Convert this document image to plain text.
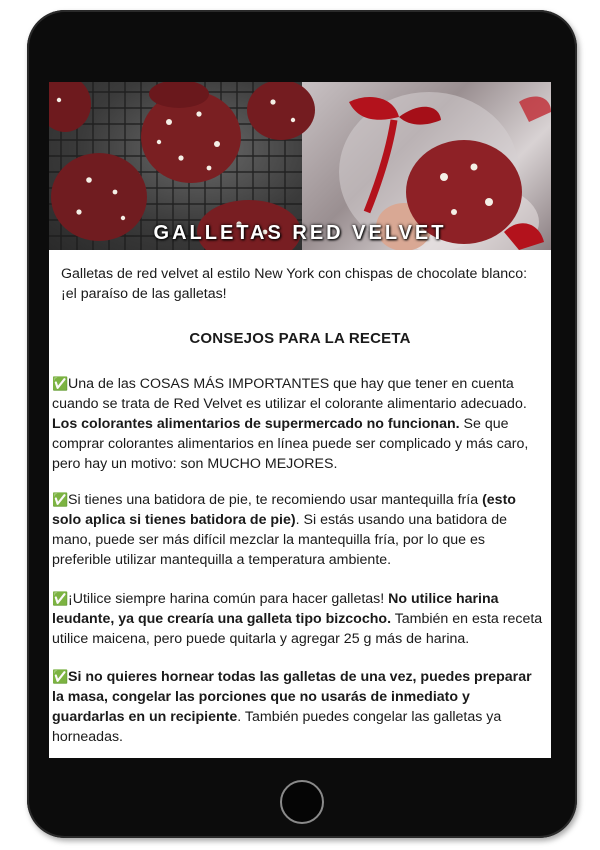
GALLETAS RED VELVET

Galletas de red velvet al estilo New York con chispas de chocolate blanco: ¡el paraíso de las galletas!

CONSEJOS PARA LA RECETA

✅Una de las COSAS MÁS IMPORTANTES que hay que tener en cuenta cuando se trata de Red Velvet es utilizar el colorante alimentario adecuado. Los colorantes alimentarios de supermercado no funcionan. Se que comprar colorantes alimentarios en línea puede ser complicado y más caro, pero hay un motivo: son MUCHO MEJORES.

✅Si tienes una batidora de pie, te recomiendo usar mantequilla fría (esto solo aplica si tienes batidora de pie). Si estás usando una batidora de mano, puede ser más difícil mezclar la mantequilla fría, por lo que es preferible utilizar mantequilla a temperatura ambiente.

✅¡Utilice siempre harina común para hacer galletas! No utilice harina leudante, ya que crearía una galleta tipo bizcocho. También en esta receta utilice maicena, pero puede quitarla y agregar 25 g más de harina.

✅Si no quieres hornear todas las galletas de una vez, puedes preparar la masa, congelar las porciones que no usarás de inmediato y guardarlas en un recipiente. También puedes congelar las galletas ya horneadas.
